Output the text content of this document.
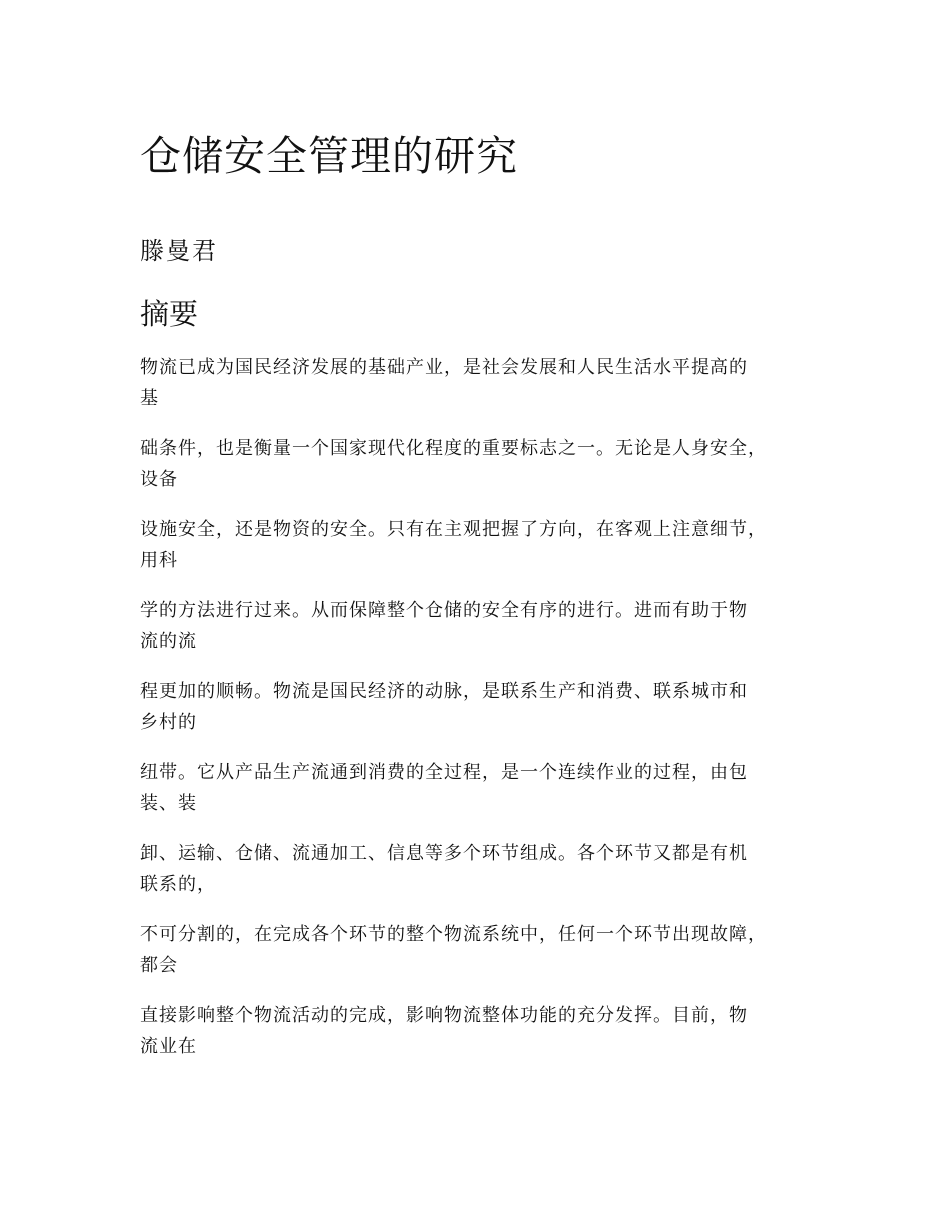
仓储安全管理的研究
滕曼君
摘要

物流已成为国民经济发展的基础产业，是社会发展和人民生活水平提高的
基

础条件，也是衡量一个国家现代化程度的重要标志之一。无论是人身安全，
设备

设施安全，还是物资的安全。只有在主观把握了方向，在客观上注意细节，
用科

学的方法进行过来。从而保障整个仓储的安全有序的进行。进而有助于物
流的流

程更加的顺畅。物流是国民经济的动脉，是联系生产和消费、联系城市和
乡村的

纽带。它从产品生产流通到消费的全过程，是一个连续作业的过程，由包
装、装

卸、运输、仓储、流通加工、信息等多个环节组成。各个环节又都是有机
联系的，

不可分割的，在完成各个环节的整个物流系统中，任何一个环节出现故障，
都会

直接影响整个物流活动的完成，影响物流整体功能的充分发挥。目前，物
流业在
